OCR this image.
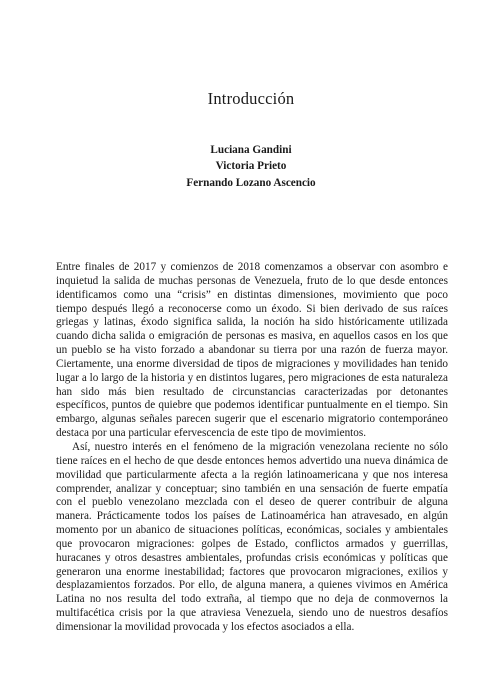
Introducción
Luciana Gandini
Victoria Prieto
Fernando Lozano Ascencio

Entre finales de 2017 y comienzos de 2018 comenzamos a observar con asombro e inquietud la salida de muchas personas de Venezuela, fruto de lo que desde entonces identificamos como una “crisis” en distintas dimensiones, movimiento que poco tiempo después llegó a reconocerse como un éxodo. Si bien derivado de sus raíces griegas y latinas, éxodo significa salida, la noción ha sido históricamente utilizada cuando dicha salida o emigración de personas es masiva, en aquellos casos en los que un pueblo se ha visto forzado a abandonar su tierra por una razón de fuerza mayor. Ciertamente, una enorme diversidad de tipos de migraciones y movilidades han tenido lugar a lo largo de la historia y en distintos lugares, pero migraciones de esta naturaleza han sido más bien resultado de circunstancias caracterizadas por detonantes específicos, puntos de quiebre que podemos identificar puntualmente en el tiempo. Sin embargo, algunas señales parecen sugerir que el escenario migratorio contemporáneo destaca por una particular efervescencia de este tipo de movimientos.

Así, nuestro interés en el fenómeno de la migración venezolana reciente no sólo tiene raíces en el hecho de que desde entonces hemos advertido una nueva dinámica de movilidad que particularmente afecta a la región latinoamericana y que nos interesa comprender, analizar y conceptuar; sino también en una sensación de fuerte empatía con el pueblo venezolano mezclada con el deseo de querer contribuir de alguna manera. Prácticamente todos los países de Latinoamérica han atravesado, en algún momento por un abanico de situaciones políticas, económicas, sociales y ambientales que provocaron migraciones: golpes de Estado, conflictos armados y guerrillas, huracanes y otros desastres ambientales, profundas crisis económicas y políticas que generaron una enorme inestabilidad; factores que provocaron migraciones, exilios y desplazamientos forzados. Por ello, de alguna manera, a quienes vivimos en América Latina no nos resulta del todo extraña, al tiempo que no deja de conmovernos la multifacética crisis por la que atraviesa Venezuela, siendo uno de nuestros desafíos dimensionar la movilidad provocada y los efectos asociados a ella.
